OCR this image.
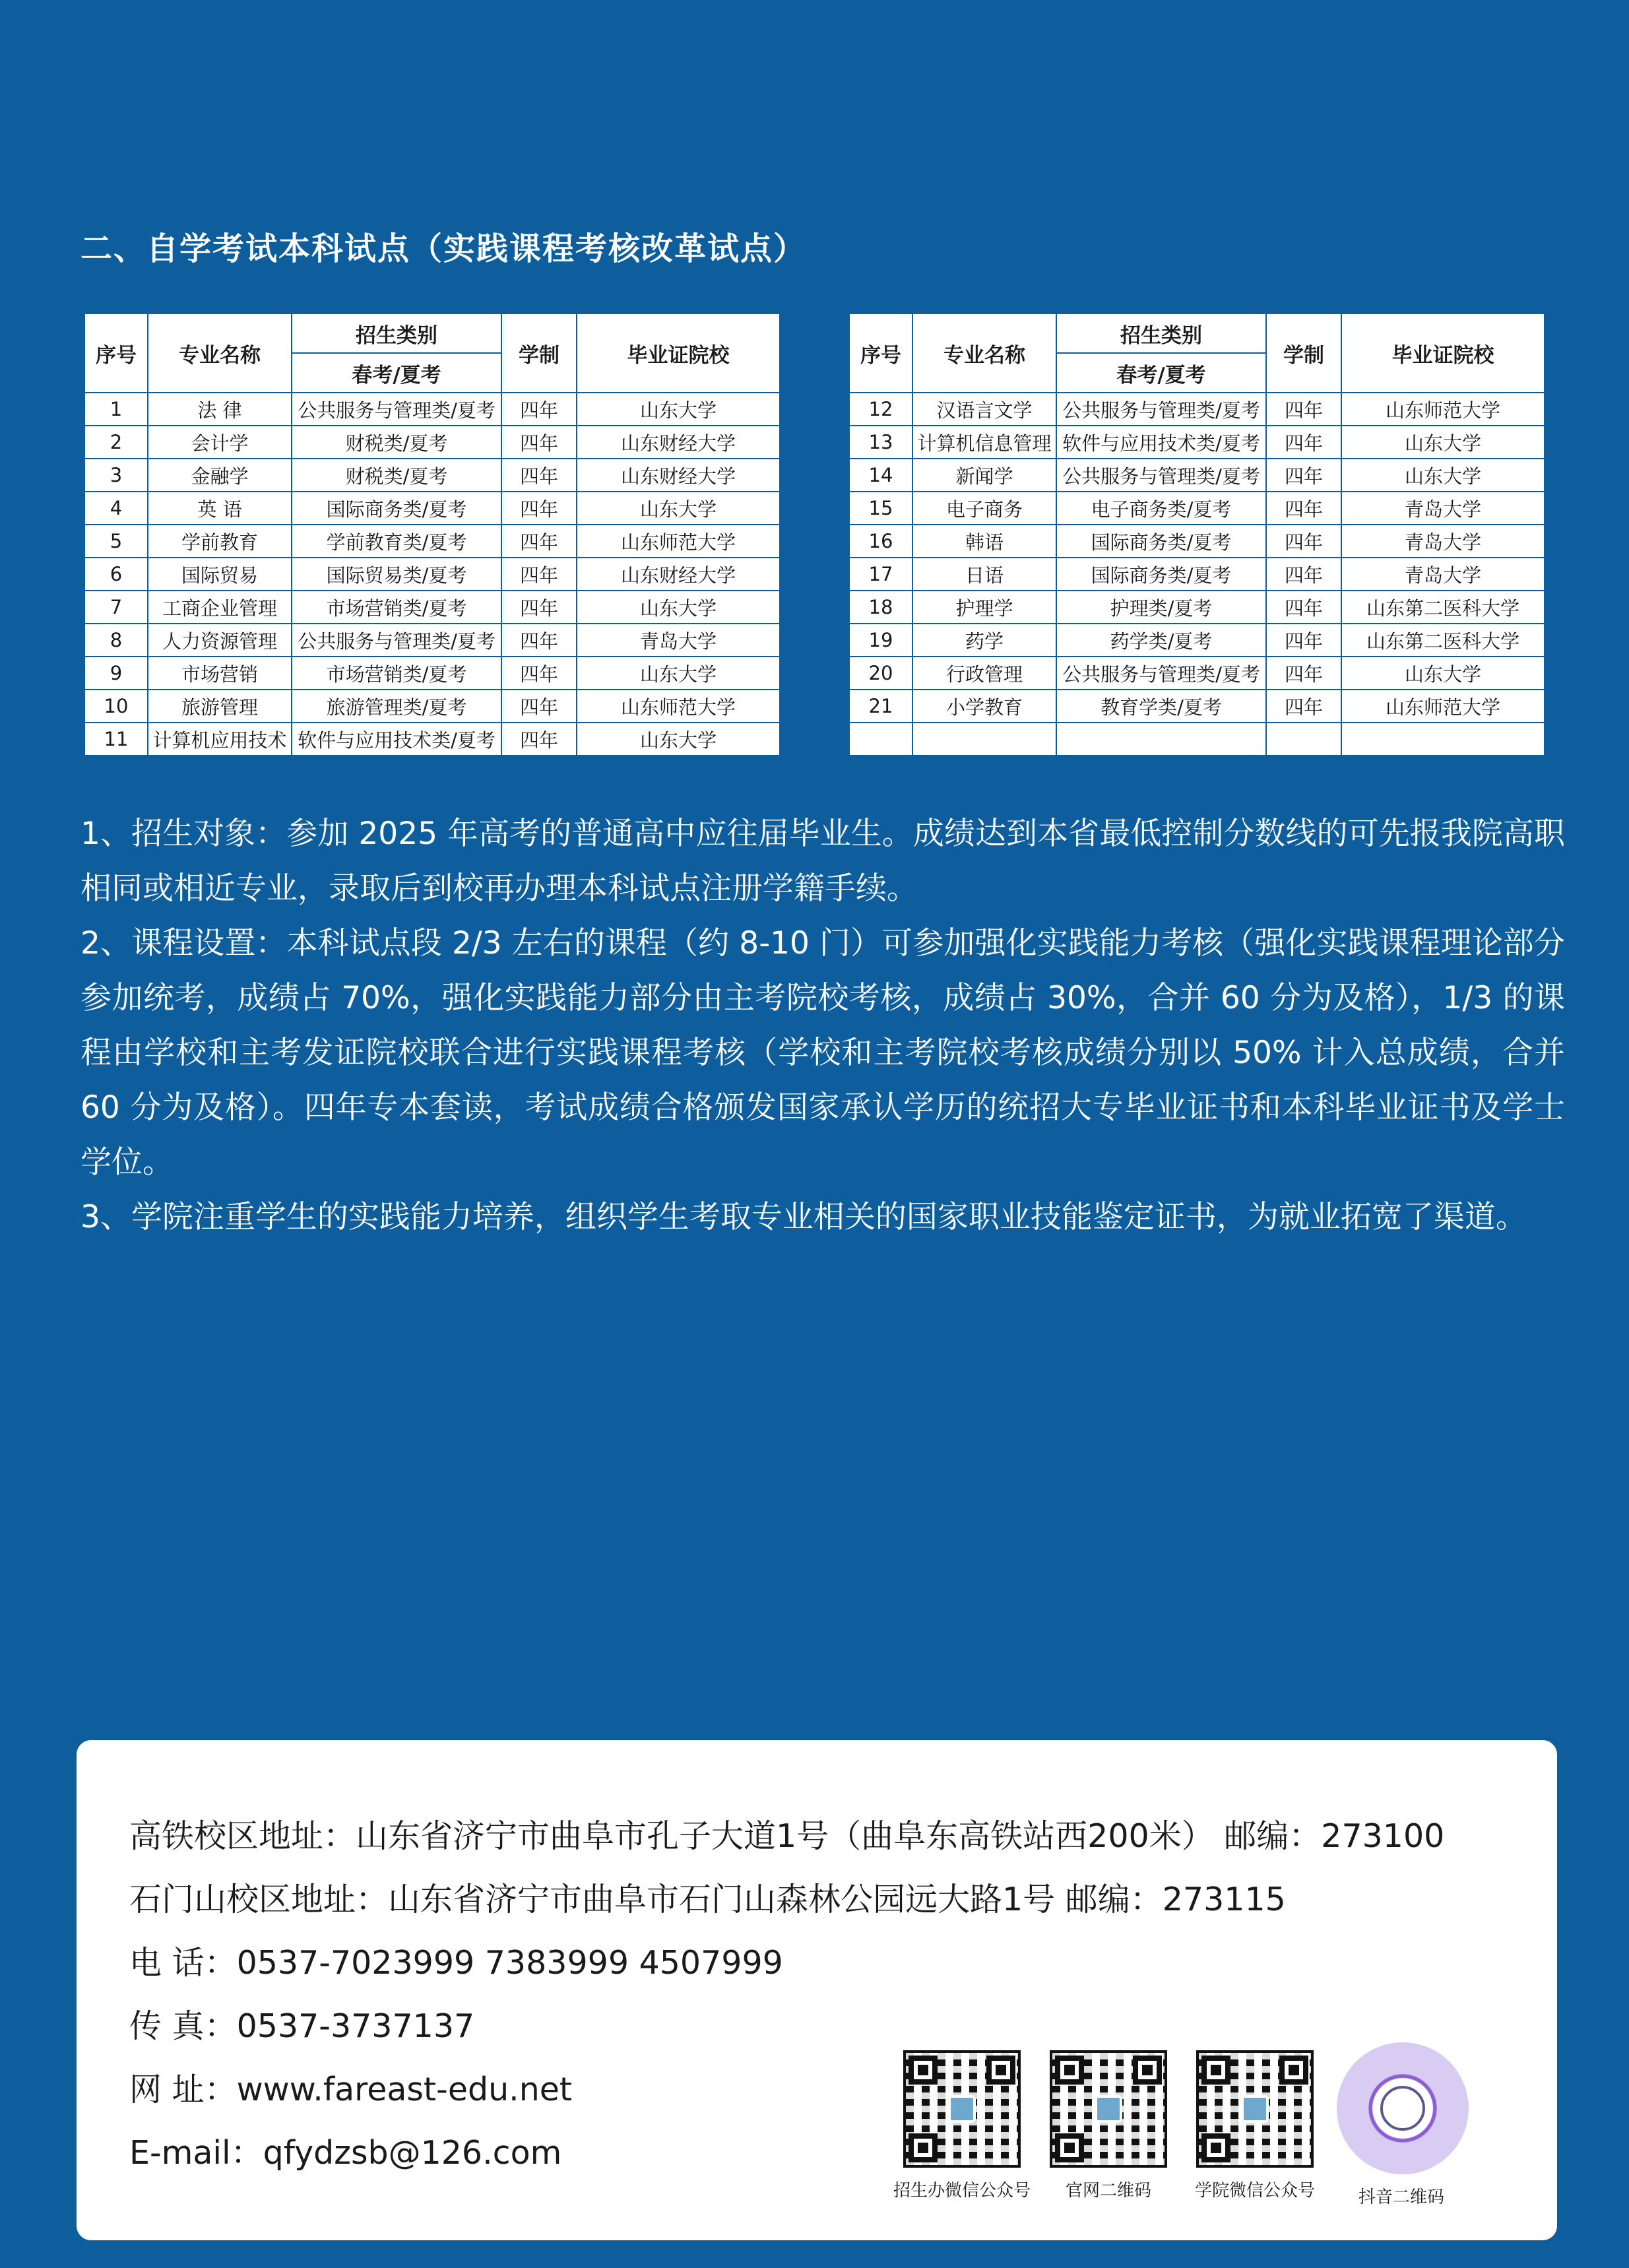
二、自学考试本科试点（实践课程考核改革试点）
序号	专业名称	招生类别	学制	毕业证院校
		春考/夏考		
1	法 律	公共服务与管理类/夏考	四年	山东大学
2	会计学	财税类/夏考	四年	山东财经大学
3	金融学	财税类/夏考	四年	山东财经大学
4	英 语	国际商务类/夏考	四年	山东大学
5	学前教育	学前教育类/夏考	四年	山东师范大学
6	国际贸易	国际贸易类/夏考	四年	山东财经大学
7	工商企业管理	市场营销类/夏考	四年	山东大学
8	人力资源管理	公共服务与管理类/夏考	四年	青岛大学
9	市场营销	市场营销类/夏考	四年	山东大学
10	旅游管理	旅游管理类/夏考	四年	山东师范大学
11	计算机应用技术	软件与应用技术类/夏考	四年	山东大学
序号	专业名称	招生类别	学制	毕业证院校
		春考/夏考		
12	汉语言文学	公共服务与管理类/夏考	四年	山东师范大学
13	计算机信息管理	软件与应用技术类/夏考	四年	山东大学
14	新闻学	公共服务与管理类/夏考	四年	山东大学
15	电子商务	电子商务类/夏考	四年	青岛大学
16	韩语	国际商务类/夏考	四年	青岛大学
17	日语	国际商务类/夏考	四年	青岛大学
18	护理学	护理类/夏考	四年	山东第二医科大学
19	药学	药学类/夏考	四年	山东第二医科大学
20	行政管理	公共服务与管理类/夏考	四年	山东大学
21	小学教育	教育学类/夏考	四年	山东师范大学

1、招生对象：参加 2025 年高考的普通高中应往届毕业生。成绩达到本省最低控制分数线的可先报我院高职相同或相近专业，录取后到校再办理本科试点注册学籍手续。

2、课程设置：本科试点段 2/3 左右的课程（约 8-10 门）可参加强化实践能力考核（强化实践课程理论部分参加统考，成绩占 70%，强化实践能力部分由主考院校考核，成绩占 30%，合并 60 分为及格），1/3 的课程由学校和主考发证院校联合进行实践课程考核（学校和主考院校考核成绩分别以 50% 计入总成绩，合并 60 分为及格）。四年专本套读，考试成绩合格颁发国家承认学历的统招大专毕业证书和本科毕业证书及学士学位。

3、学院注重学生的实践能力培养，组织学生考取专业相关的国家职业技能鉴定证书，为就业拓宽了渠道。

高铁校区地址：山东省济宁市曲阜市孔子大道1号（曲阜东高铁站西200米） 邮编：273100
石门山校区地址：山东省济宁市曲阜市石门山森林公园远大路1号 邮编：273115
电 话：0537-7023999 7383999 4507999
传 真：0537-3737137
网 址：www.fareast-edu.net
E-mail：qfydzsb@126.com
招生办微信公众号	官网二维码	学院微信公众号	抖音二维码
